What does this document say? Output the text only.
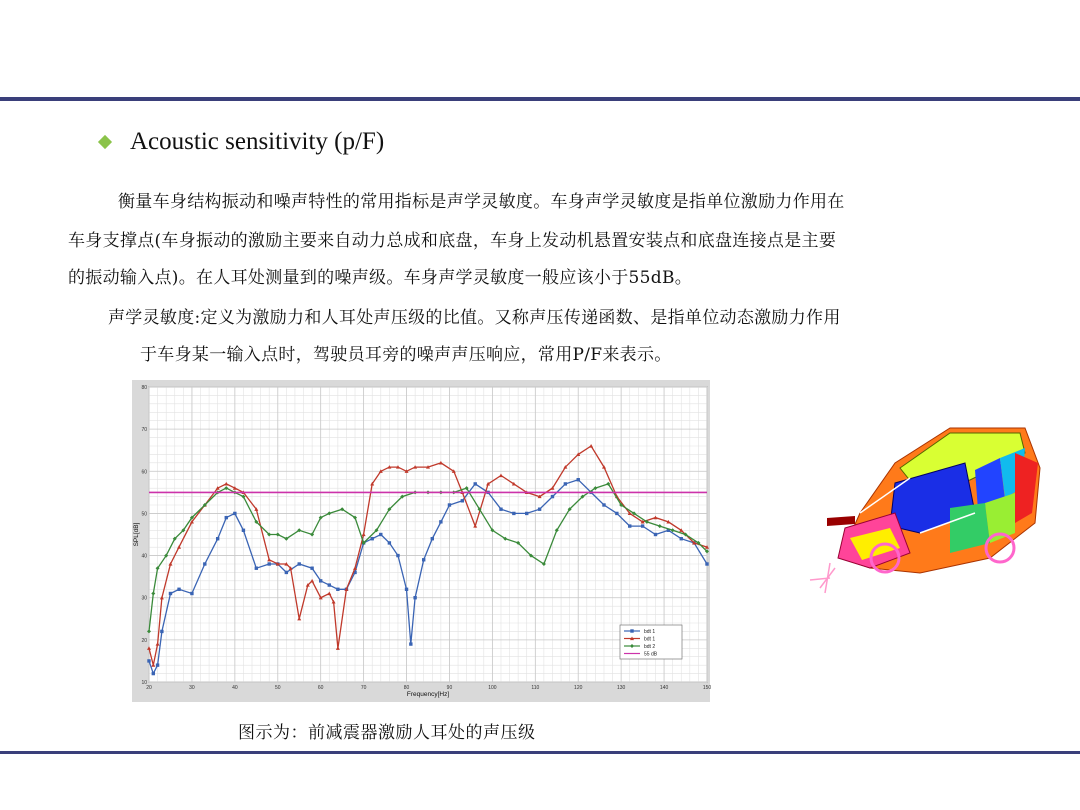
Acoustic sensitivity (p/F)
衡量车身结构振动和噪声特性的常用指标是声学灵敏度。车身声学灵敏度是指单位激励力作用在
车身支撑点(车身振动的激励主要来自动力总成和底盘，车身上发动机悬置安装点和底盘连接点是主要
的振动输入点)。在人耳处测量到的噪声级。车身声学灵敏度一般应该小于55dB。
声学灵敏度:定义为激励力和人耳处声压级的比值。又称声压传递函数、是指单位动态激励力作用
于车身某一输入点时，驾驶员耳旁的噪声声压响应，常用P/F来表示。
20	30	40	50	60	70	80	90	100	110	120	130	140	150
10
20
30
40
50
60
70
80
Frequency[Hz]
SPL[dB]
bdt 1
bdt 1
bdt 2
55 dB
图示为：前减震器激励人耳处的声压级
